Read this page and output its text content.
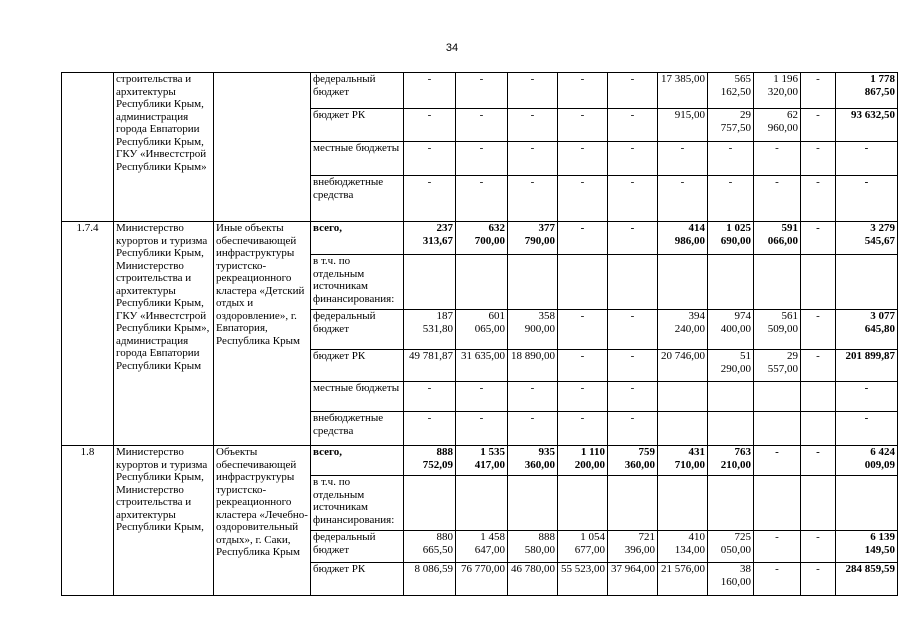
34
	строительства и архитектуры Республики Крым, администрация города Евпатории Республики Крым, ГКУ «Инвестстрой Республики Крым»		федеральный бюджет	-	-	-	-	-	17 385,00	565 162,50	1 196 320,00	-	1 778 867,50
			бюджет РК	-	-	-	-	-	915,00	29 757,50	62 960,00	-	93 632,50
			местные бюджеты	-	-	-	-	-	-	-	-	-	-
			внебюджетные средства	-	-	-	-	-	-	-	-	-	-
1.7.4	Министерство курортов и туризма Республики Крым, Министерство строительства и архитектуры Республики Крым, ГКУ «Инвестстрой Республики Крым», администрация города Евпатории Республики Крым	Иные объекты обеспечивающей инфраструктуры туристско-рекреационного кластера «Детский отдых и оздоровление», г. Евпатория, Республика Крым	всего,	237 313,67	632 700,00	377 790,00	-	-	414 986,00	1 025 690,00	591 066,00	-	3 279 545,67
			в т.ч. по отдельным источникам финансирования:										
			федеральный бюджет	187 531,80	601 065,00	358 900,00	-	-	394 240,00	974 400,00	561 509,00	-	3 077 645,80
			бюджет РК	49 781,87	31 635,00	18 890,00	-	-	20 746,00	51 290,00	29 557,00	-	201 899,87
			местные бюджеты	-	-	-	-	-					-
			внебюджетные средства	-	-	-	-	-					-
1.8	Министерство курортов и туризма Республики Крым, Министерство строительства и архитектуры Республики Крым,	Объекты обеспечивающей инфраструктуры туристско-рекреационного кластера «Лечебно-оздоровительный отдых», г. Саки, Республика Крым	всего,	888 752,09	1 535 417,00	935 360,00	1 110 200,00	759 360,00	431 710,00	763 210,00	-	-	6 424 009,09
			в т.ч. по отдельным источникам финансирования:										
			федеральный бюджет	880 665,50	1 458 647,00	888 580,00	1 054 677,00	721 396,00	410 134,00	725 050,00	-	-	6 139 149,50
			бюджет РК	8 086,59	76 770,00	46 780,00	55 523,00	37 964,00	21 576,00	38 160,00	-	-	284 859,59
